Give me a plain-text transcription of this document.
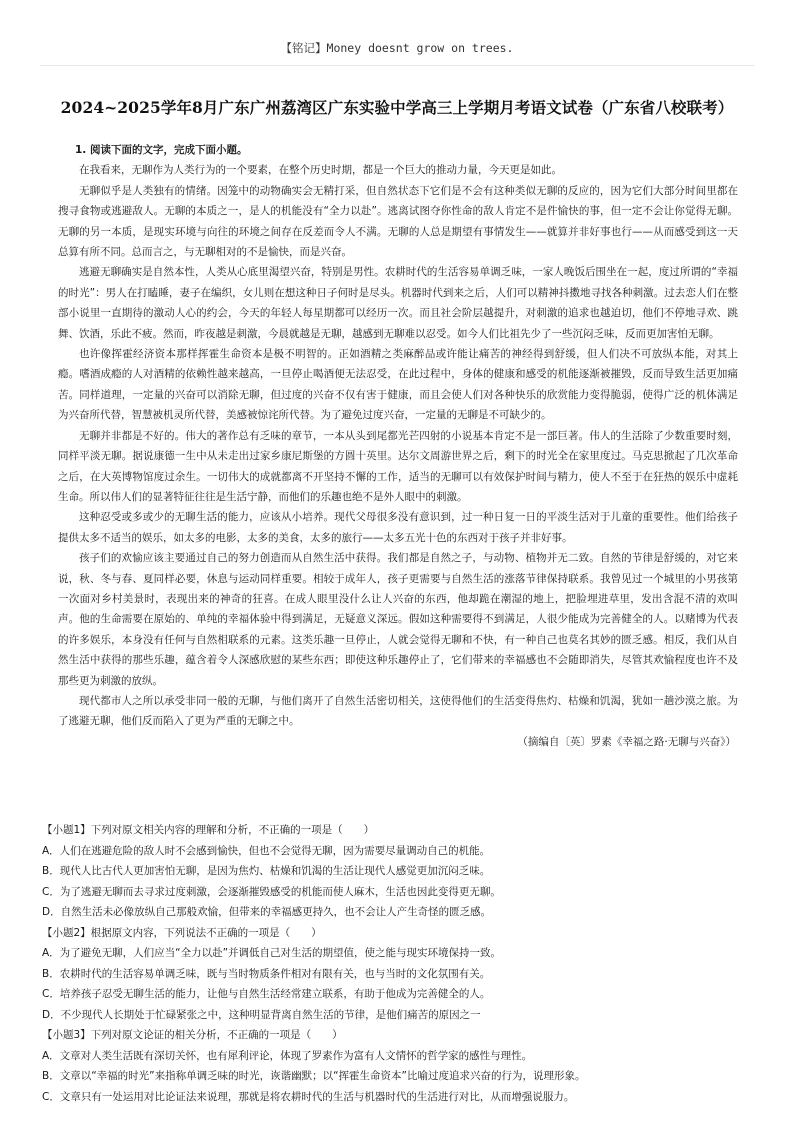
【铭记】Money doesnt grow on trees.
2024~2025学年8月广东广州荔湾区广东实验中学高三上学期月考语文试卷（广东省八校联考）

1. 阅读下面的文字，完成下面小题。

在我看来，无聊作为人类行为的一个要素，在整个历史时期，都是一个巨大的推动力量，今天更是如此。

无聊似乎是人类独有的情绪。因笼中的动物确实会无精打采，但自然状态下它们是不会有这种类似无聊的反应的，因为它们大部分时间里都在搜寻食物或逃避敌人。无聊的本质之一，是人的机能没有“全力以赴”。逃离试图夺你性命的敌人肯定不是件愉快的事，但一定不会让你觉得无聊。无聊的另一本质，是现实环境与向往的环境之间存在反差而令人不满。无聊的人总是期望有事情发生——就算并非好事也行——从而感受到这一天总算有所不同。总而言之，与无聊相对的不是愉快，而是兴奋。

逃避无聊确实是自然本性，人类从心底里渴望兴奋，特别是男性。农耕时代的生活容易单调乏味，一家人晚饭后围坐在一起，度过所谓的“幸福的时光”：男人在打瞌睡，妻子在编织，女儿则在想这种日子何时是尽头。机器时代到来之后，人们可以精神抖擞地寻找各种刺激。过去恋人们在整部小说里一直期待的激动人心的约会，今天的年轻人每星期都可以经历一次。而且社会阶层越提升，对刺激的追求也越迫切，他们不停地寻欢、跳舞、饮酒，乐此不疲。然而，昨夜越是刺激，今晨就越是无聊，越感到无聊难以忍受。如今人们比祖先少了一些沉闷乏味，反而更加害怕无聊。

也许像挥霍经济资本那样挥霍生命资本是极不明智的。正如酒精之类麻醉品或许能让痛苦的神经得到舒缓，但人们决不可放纵本能，对其上瘾。嗜酒成瘾的人对酒精的依赖性越来越高，一旦停止喝酒便无法忍受，在此过程中，身体的健康和感受的机能逐渐被摧毁，反而导致生活更加痛苦。同样道理，一定量的兴奋可以消除无聊，但过度的兴奋不仅有害于健康，而且会使人们对各种快乐的欣赏能力变得脆弱，使得广泛的机体满足为兴奋所代替，智慧被机灵所代替，美感被惊诧所代替。为了避免过度兴奋，一定量的无聊是不可缺少的。

无聊并非都是不好的。伟大的著作总有乏味的章节，一本从头到尾都光芒四射的小说基本肯定不是一部巨著。伟人的生活除了少数重要时刻，同样平淡无聊。据说康德一生中从未走出过家乡康尼斯堡的方圆十英里。达尔文周游世界之后，剩下的时光全在家里度过。马克思掀起了几次革命之后，在大英博物馆度过余生。一切伟大的成就都离不开坚持不懈的工作，适当的无聊可以有效保护时间与精力，使人不至于在狂热的娱乐中虚耗生命。所以伟人们的显著特征往往是生活宁静，而他们的乐趣也绝不是外人眼中的刺激。

这种忍受或多或少的无聊生活的能力，应该从小培养。现代父母很多没有意识到，过一种日复一日的平淡生活对于儿童的重要性。他们给孩子提供太多不适当的娱乐，如太多的电影，太多的美食，太多的旅行——太多五光十色的东西对于孩子并非好事。

孩子们的欢愉应该主要通过自己的努力创造而从自然生活中获得。我们都是自然之子，与动物、植物并无二致。自然的节律是舒缓的，对它来说，秋、冬与春、夏同样必要，休息与运动同样重要。相较于成年人，孩子更需要与自然生活的涨落节律保持联系。我曾见过一个城里的小男孩第一次面对乡村美景时，表现出来的神奇的狂喜。在成人眼里没什么让人兴奋的东西，他却跪在潮湿的地上，把脸埋进草里，发出含混不清的欢叫声。他的生命需要在原始的、单纯的幸福体验中得到满足，无疑意义深远。假如这种需要得不到满足，人很少能成为完善健全的人。以赌博为代表的许多娱乐，本身没有任何与自然相联系的元素。这类乐趣一旦停止，人就会觉得无聊和不快，有一种自己也莫名其妙的匮乏感。相反，我们从自然生活中获得的那些乐趣，蕴含着令人深感欣慰的某些东西；即使这种乐趣停止了，它们带来的幸福感也不会随即消失，尽管其欢愉程度也许不及那些更为刺激的放纵。

现代都市人之所以承受非同一般的无聊，与他们离开了自然生活密切相关，这使得他们的生活变得焦灼、枯燥和饥渴，犹如一趟沙漠之旅。为了逃避无聊，他们反而陷入了更为严重的无聊之中。

（摘编自〔英〕罗素《幸福之路·无聊与兴奋》）

【小题1】下列对原文相关内容的理解和分析，不正确的一项是（　　）

A．人们在逃避危险的敌人时不会感到愉快，但也不会觉得无聊，因为需要尽量调动自己的机能。

B．现代人比古代人更加害怕无聊，是因为焦灼、枯燥和饥渴的生活让现代人感觉更加沉闷乏味。

C．为了逃避无聊而去寻求过度刺激，会逐渐摧毁感受的机能而使人麻木，生活也因此变得更无聊。

D．自然生活未必像放纵自己那般欢愉，但带来的幸福感更持久，也不会让人产生奇怪的匮乏感。

【小题2】根据原文内容，下列说法不正确的一项是（　　）

A．为了避免无聊，人们应当“全力以赴”并调低自己对生活的期望值，使之能与现实环境保持一致。

B．农耕时代的生活容易单调乏味，既与当时物质条件相对有限有关，也与当时的文化氛围有关。

C．培养孩子忍受无聊生活的能力，让他与自然生活经常建立联系，有助于他成为完善健全的人。

D．不少现代人长期处于忙碌紧张之中，这种明显背离自然生活的节律，是他们痛苦的原因之一

【小题3】下列对原文论证的相关分析，不正确的一项是（　　）

A．文章对人类生活既有深切关怀，也有犀利评论，体现了罗素作为富有人文情怀的哲学家的感性与理性。

B．文章以“幸福的时光”来指称单调乏味的时光，诙谐幽默；以“挥霍生命资本”比喻过度追求兴奋的行为，说理形象。

C．文章只有一处运用对比论证法来说理，那就是将农耕时代的生活与机器时代的生活进行对比，从而增强说服力。
